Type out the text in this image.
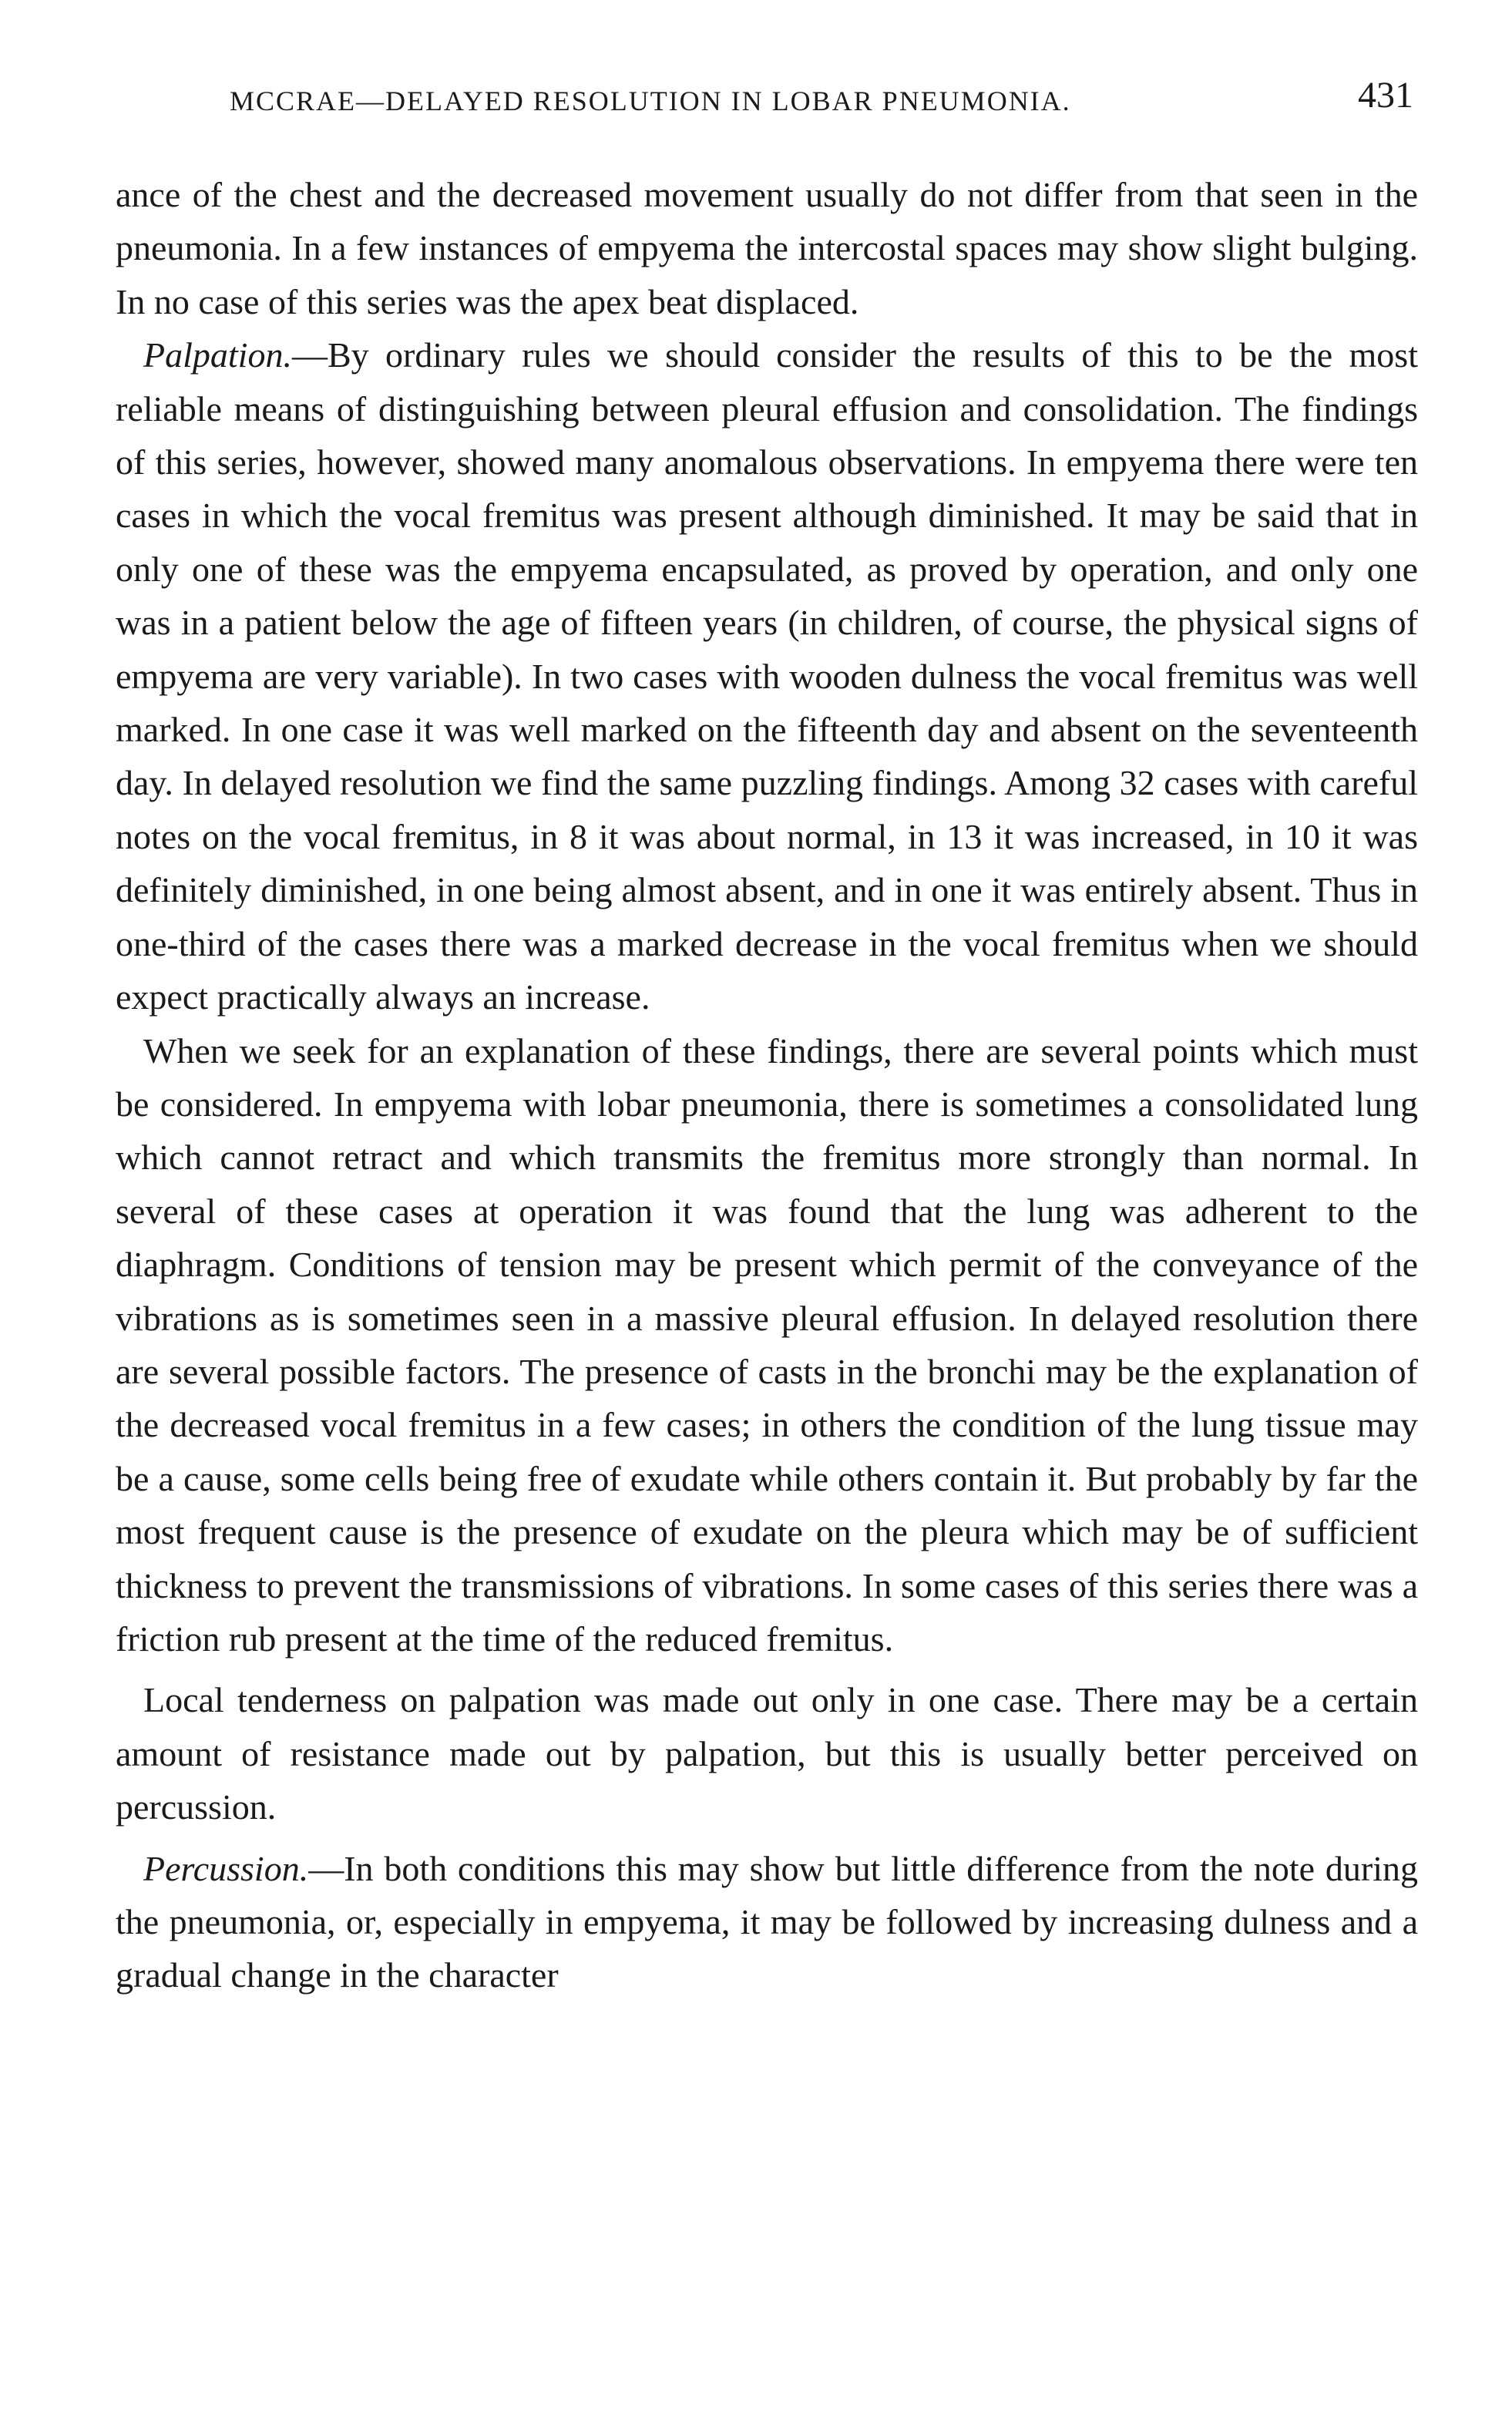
MCCRAE—DELAYED RESOLUTION IN LOBAR PNEUMONIA.	431

ance of the chest and the decreased movement usually do not differ from that seen in the pneumonia. In a few instances of empyema the intercostal spaces may show slight bulging. In no case of this series was the apex beat displaced.

Palpation.—By ordinary rules we should consider the results of this to be the most reliable means of distinguishing between pleural effusion and consolidation. The findings of this series, however, showed many anomalous observations. In empyema there were ten cases in which the vocal fremitus was present although diminished. It may be said that in only one of these was the empyema encapsulated, as proved by operation, and only one was in a patient below the age of fifteen years (in children, of course, the physical signs of empyema are very variable). In two cases with wooden dulness the vocal fremitus was well marked. In one case it was well marked on the fifteenth day and absent on the seventeenth day. In delayed resolution we find the same puzzling findings. Among 32 cases with careful notes on the vocal fremitus, in 8 it was about normal, in 13 it was increased, in 10 it was definitely diminished, in one being almost absent, and in one it was entirely absent. Thus in one-third of the cases there was a marked decrease in the vocal fremitus when we should expect practically always an increase.

When we seek for an explanation of these findings, there are several points which must be considered. In empyema with lobar pneumonia, there is sometimes a consolidated lung which cannot retract and which transmits the fremitus more strongly than normal. In several of these cases at operation it was found that the lung was adherent to the diaphragm. Conditions of tension may be present which permit of the conveyance of the vibrations as is sometimes seen in a massive pleural effusion. In delayed resolution there are several possible factors. The presence of casts in the bronchi may be the explanation of the decreased vocal fremitus in a few cases; in others the condition of the lung tissue may be a cause, some cells being free of exudate while others contain it. But probably by far the most frequent cause is the presence of exudate on the pleura which may be of sufficient thickness to prevent the transmissions of vibrations. In some cases of this series there was a friction rub present at the time of the reduced fremitus.

Local tenderness on palpation was made out only in one case. There may be a certain amount of resistance made out by palpation, but this is usually better perceived on percussion.

Percussion.—In both conditions this may show but little difference from the note during the pneumonia, or, especially in empyema, it may be followed by increasing dulness and a gradual change in the character
